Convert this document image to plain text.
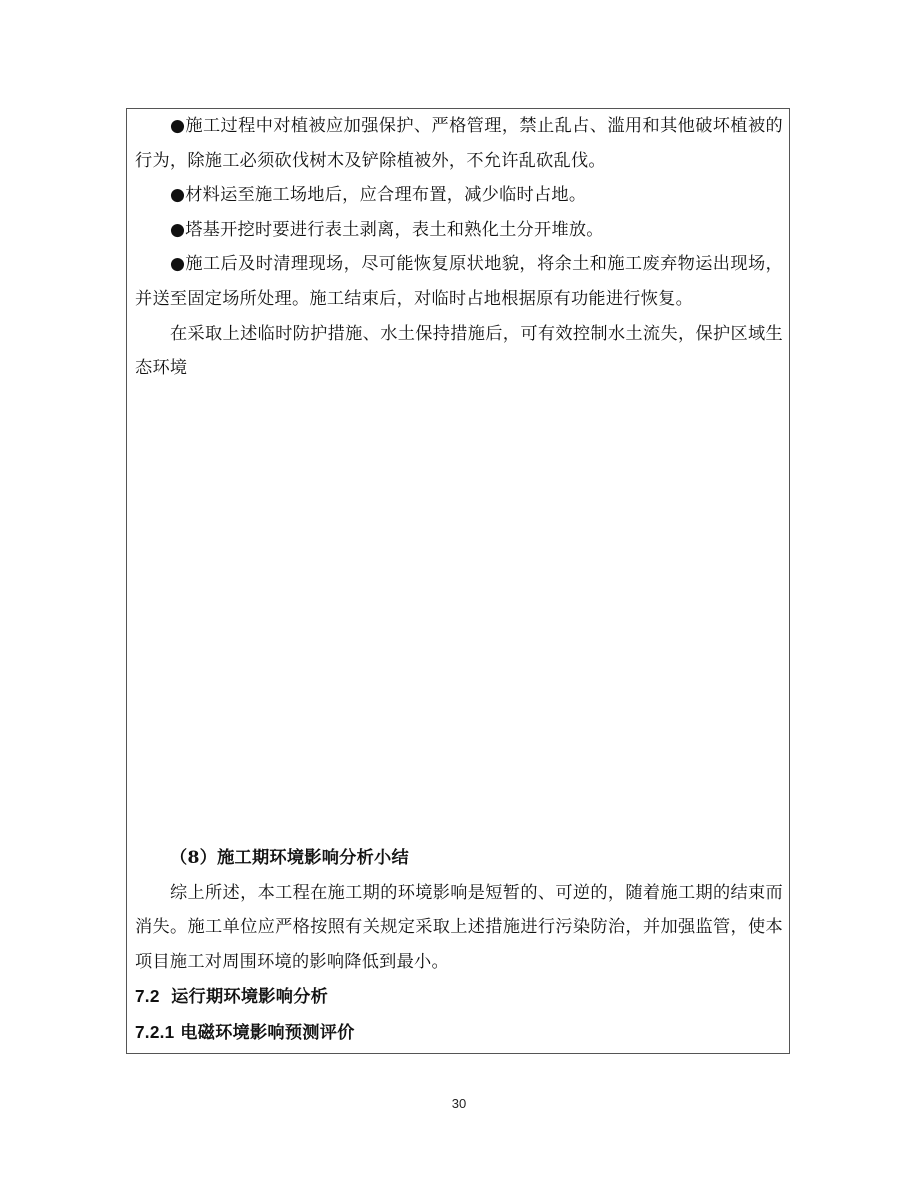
●施工过程中对植被应加强保护、严格管理，禁止乱占、滥用和其他破坏植被的行为，除施工必须砍伐树木及铲除植被外，不允许乱砍乱伐。

●材料运至施工场地后，应合理布置，减少临时占地。

●塔基开挖时要进行表土剥离，表土和熟化土分开堆放。

●施工后及时清理现场，尽可能恢复原状地貌，将余土和施工废弃物运出现场，并送至固定场所处理。施工结束后，对临时占地根据原有功能进行恢复。

在采取上述临时防护措施、水土保持措施后，可有效控制水土流失，保护区域生态环境

（8）施工期环境影响分析小结

综上所述，本工程在施工期的环境影响是短暂的、可逆的，随着施工期的结束而消失。施工单位应严格按照有关规定采取上述措施进行污染防治，并加强监管，使本项目施工对周围环境的影响降低到最小。

7.2 运行期环境影响分析

7.2.1 电磁环境影响预测评价

30
